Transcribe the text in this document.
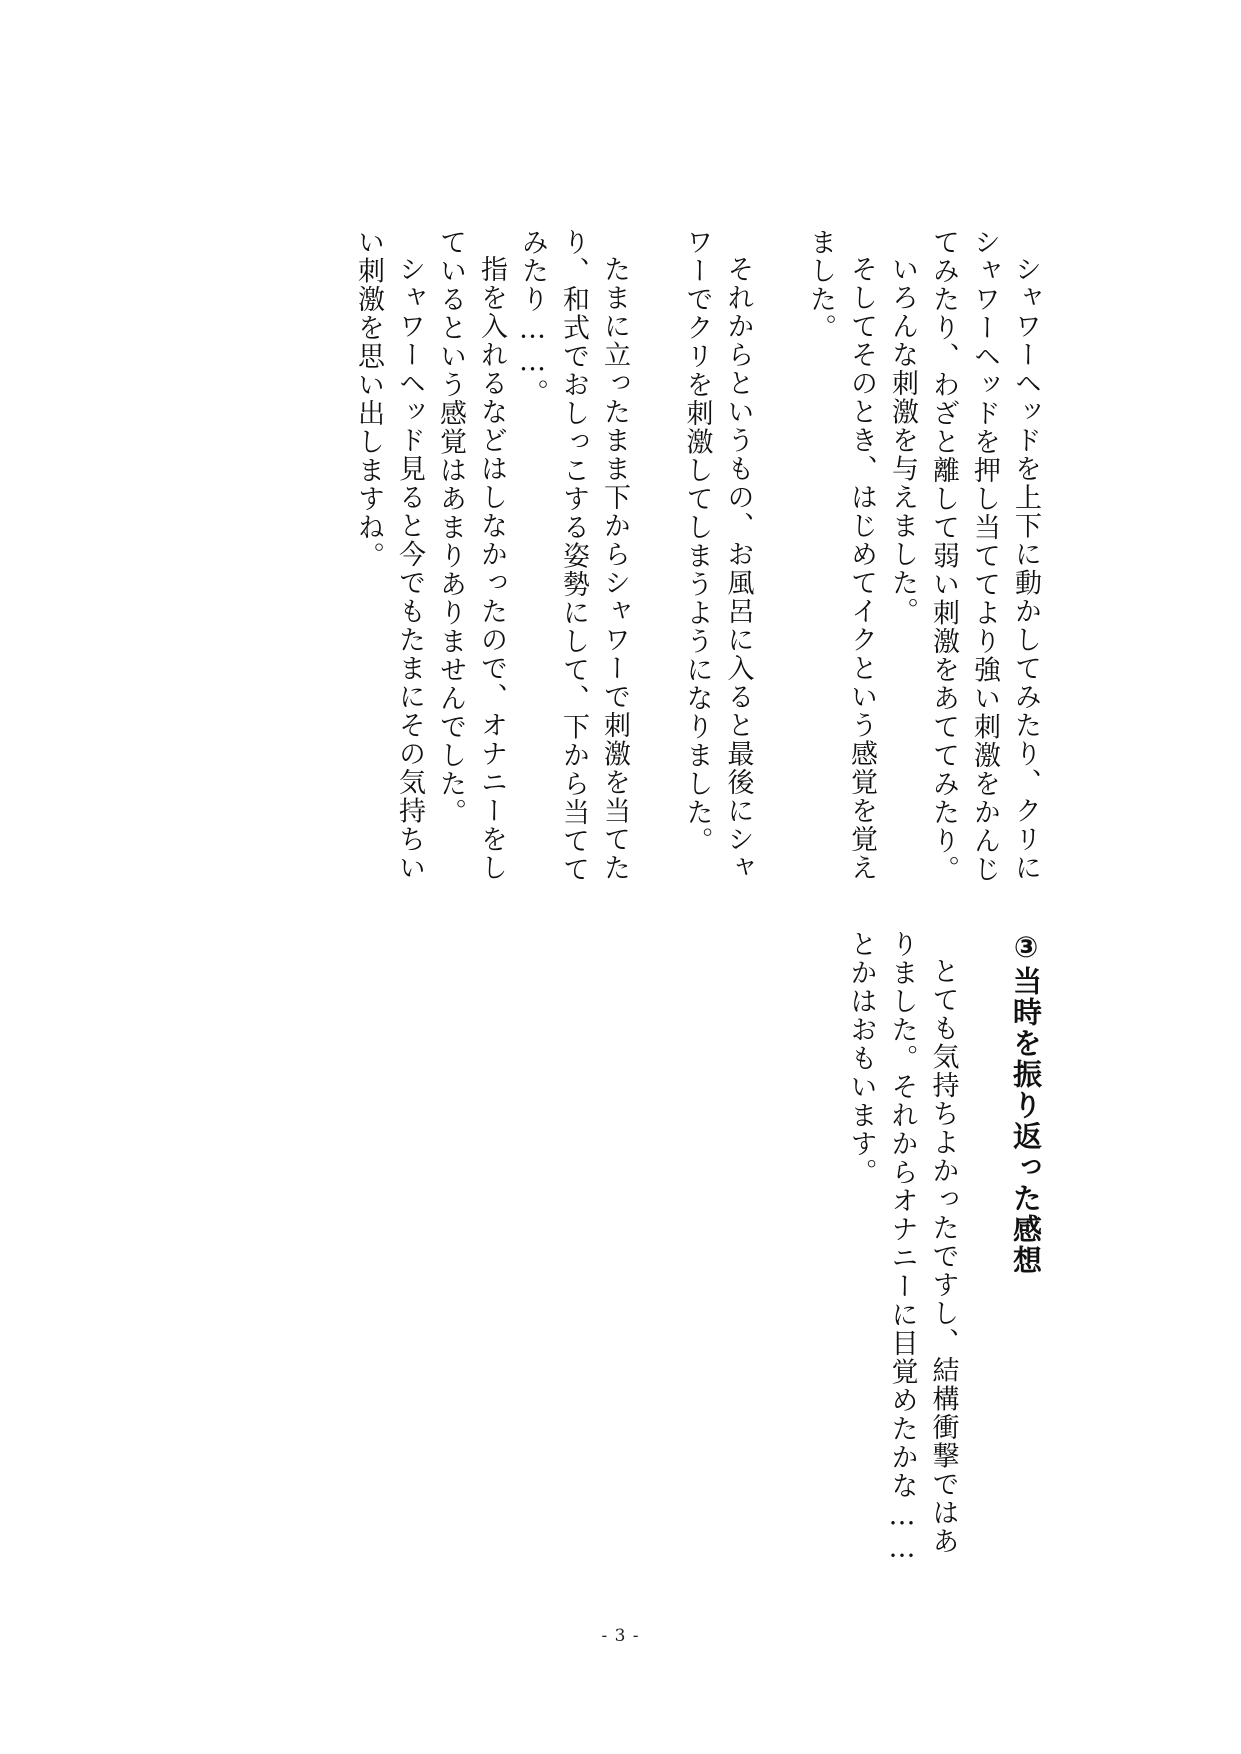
シャワーヘッドを上下に動かしてみたり、クリにシャワーヘッドを押し当ててより強い刺激をかんじてみたり、わざと離して弱い刺激をあててみたり。

いろんな刺激を与えました。

そしてそのとき、はじめてイクという感覚を覚えました。

それからというもの、お風呂に入ると最後にシャワーでクリを刺激してしまうようになりました。

たまに立ったまま下からシャワーで刺激を当てたり、和式でおしっこする姿勢にして、下から当ててみたり……。

指を入れるなどはしなかったので、オナニーをしているという感覚はあまりありませんでした。

シャワーヘッド見ると今でもたまにその気持ちいい刺激を思い出しますね。

③当時を振り返った感想

とても気持ちよかったですし、結構衝撃ではありました。それからオナニーに目覚めたかな……とかはおもいます。

- 3 -
